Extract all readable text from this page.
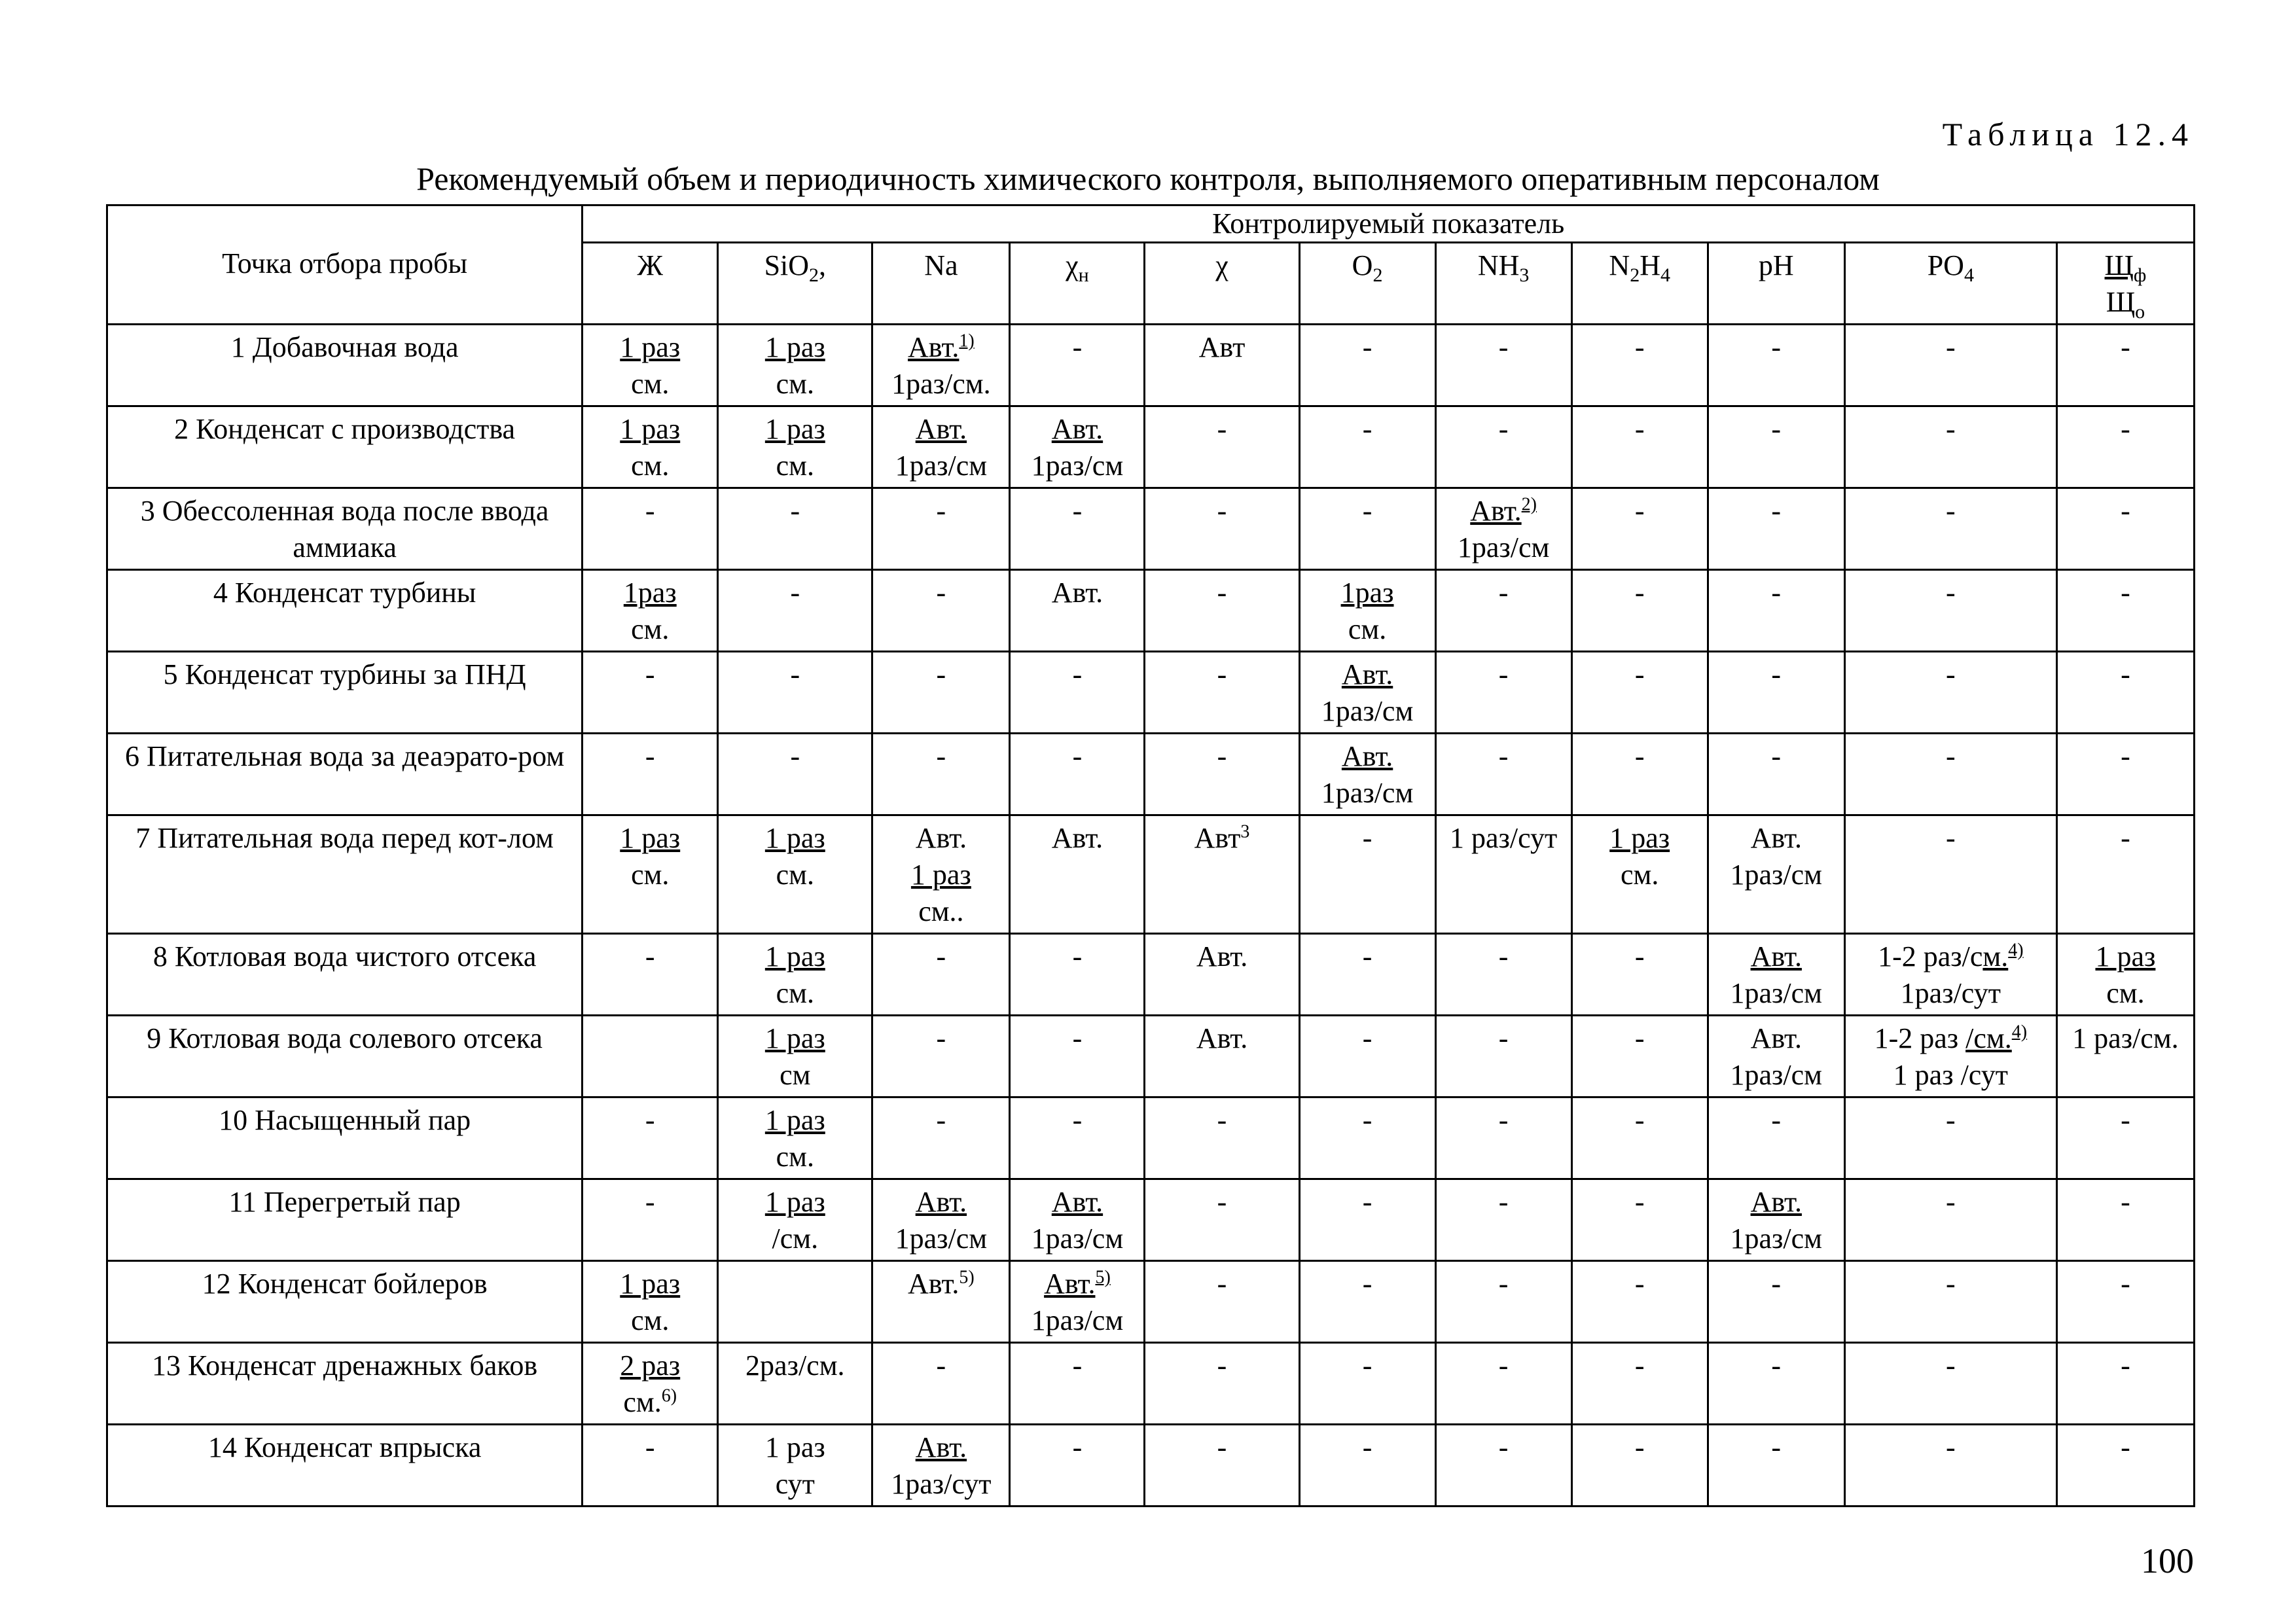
Таблица 12.4
Рекомендуемый объем и периодичность химического контроля, выполняемого оперативным персоналом
Точка отбора пробы	Контролируемый показатель										
	Ж	SiO$_2$,	Na	$\chi_н$	χ	$O_2$	$NH_3$	$N_2H_4$	pH	$PO_4$	$Щ_ф$
$Щ_о$

1 Добавочная вода	1 раз
см.	1 раз
см.	Авт.$^{1)}$
1раз/см.	-	Авт	-	-	-	-	-	-

2 Конденсат с производства	1 раз
см.	1 раз
см.	Авт.
1раз/см	Авт.
1раз/см	-	-	-	-	-	-	-

3 Обессоленная вода после ввода аммиака	-	-	-	-	-	-	Авт.$^{2)}$
1раз/см	-	-	-	-

4 Конденсат турбины	1раз
см.	-	-	Авт.	-	1раз
см.	-	-	-	-	-

5 Конденсат турбины за ПНД	-	-	-	-	-	Авт.
1раз/см	-	-	-	-	-

6 Питательная вода за деаэрато-ром	-	-	-	-	-	Авт.
1раз/см	-	-	-	-	-

7 Питательная вода перед кот-лом	1 раз
см.	1 раз
см.	Авт.
1 раз
см..	Авт.	Авт$^3$	-	1 раз/сут	1 раз
см.	Авт.
1раз/см	-	-

8 Котловая вода чистого отсека	-	1 раз
см.	-	-	Авт.	-	-	-	Авт.
1раз/см	1-2 раз/см.$^{4)}$
1раз/сут	1 раз
см.

9 Котловая вода солевого отсека		1 раз
см	-	-	Авт.	-	-	-	Авт.
1раз/см	1-2 раз /см.$^{4)}$
1 раз /сут	1 раз/см.

10 Насыщенный пар	-	1 раз
см.	-	-	-	-	-	-	-	-	-

11 Перегретый пар	-	1 раз
/см.	Авт.
1раз/см	Авт.
1раз/см	-	-	-	-	Авт.
1раз/см	-	-

12 Конденсат бойлеров	1 раз
см.		Авт.$^{5)}$	Авт.$^{5)}$
1раз/см	-	-	-	-	-	-	-

13 Конденсат дренажных баков	2 раз
см.$^{6)}$	2раз/см.	-	-	-	-	-	-	-	-	-

14 Конденсат впрыска	-	1 раз
сут	Авт.
1раз/сут	-	-	-	-	-	-	-	-
100
